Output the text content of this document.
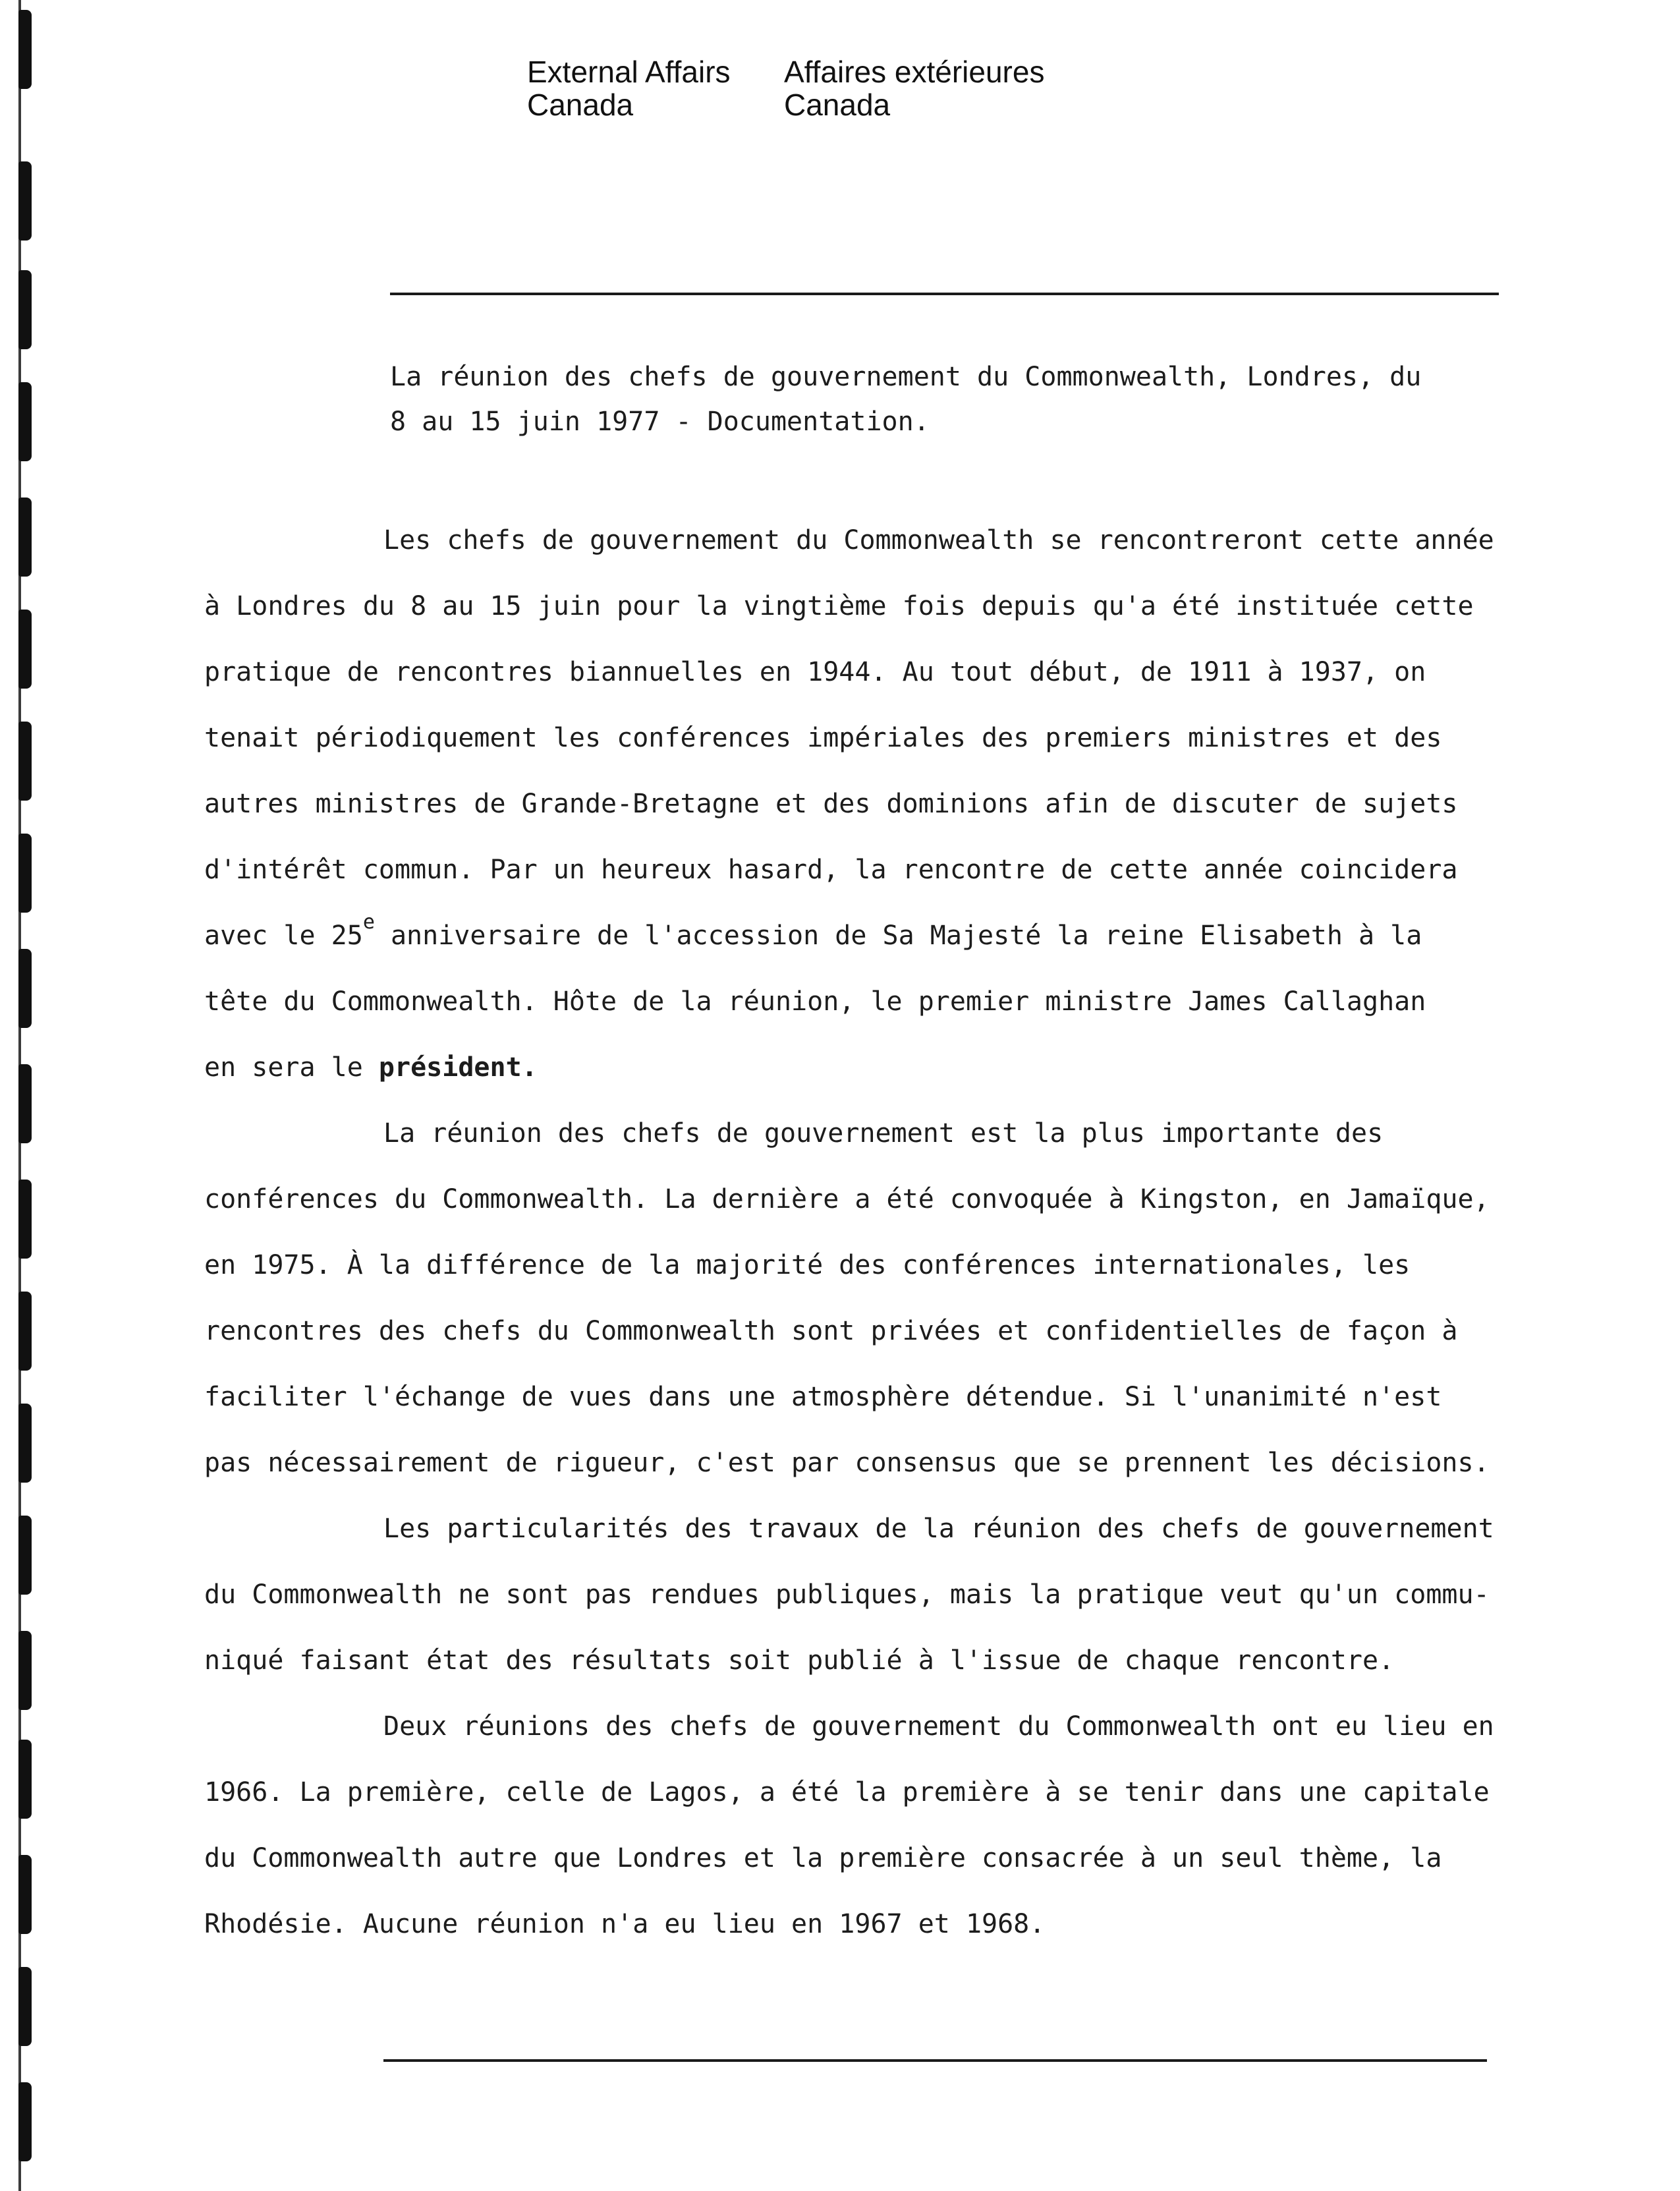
External Affairs
Canada
Affaires extérieures
Canada
La réunion des chefs de gouvernement du Commonwealth, Londres, du
8 au 15 juin 1977 - Documentation.
Les chefs de gouvernement du Commonwealth se rencontreront cette année
à Londres du 8 au 15 juin pour la vingtième fois depuis qu'a été instituée cette
pratique de rencontres biannuelles en 1944. Au tout début, de 1911 à 1937, on
tenait périodiquement les conférences impériales des premiers ministres et des
autres ministres de Grande-Bretagne et des dominions afin de discuter de sujets
d'intérêt commun. Par un heureux hasard, la rencontre de cette année coincidera
avec le 25e anniversaire de l'accession de Sa Majesté la reine Elisabeth à la
tête du Commonwealth. Hôte de la réunion, le premier ministre James Callaghan
en sera le président.
La réunion des chefs de gouvernement est la plus importante des
conférences du Commonwealth. La dernière a été convoquée à Kingston, en Jamaïque,
en 1975. À la différence de la majorité des conférences internationales, les
rencontres des chefs du Commonwealth sont privées et confidentielles de façon à
faciliter l'échange de vues dans une atmosphère détendue. Si l'unanimité n'est
pas nécessairement de rigueur, c'est par consensus que se prennent les décisions.
Les particularités des travaux de la réunion des chefs de gouvernement
du Commonwealth ne sont pas rendues publiques, mais la pratique veut qu'un commu-
niqué faisant état des résultats soit publié à l'issue de chaque rencontre.
Deux réunions des chefs de gouvernement du Commonwealth ont eu lieu en
1966. La première, celle de Lagos, a été la première à se tenir dans une capitale
du Commonwealth autre que Londres et la première consacrée à un seul thème, la
Rhodésie. Aucune réunion n'a eu lieu en 1967 et 1968.
